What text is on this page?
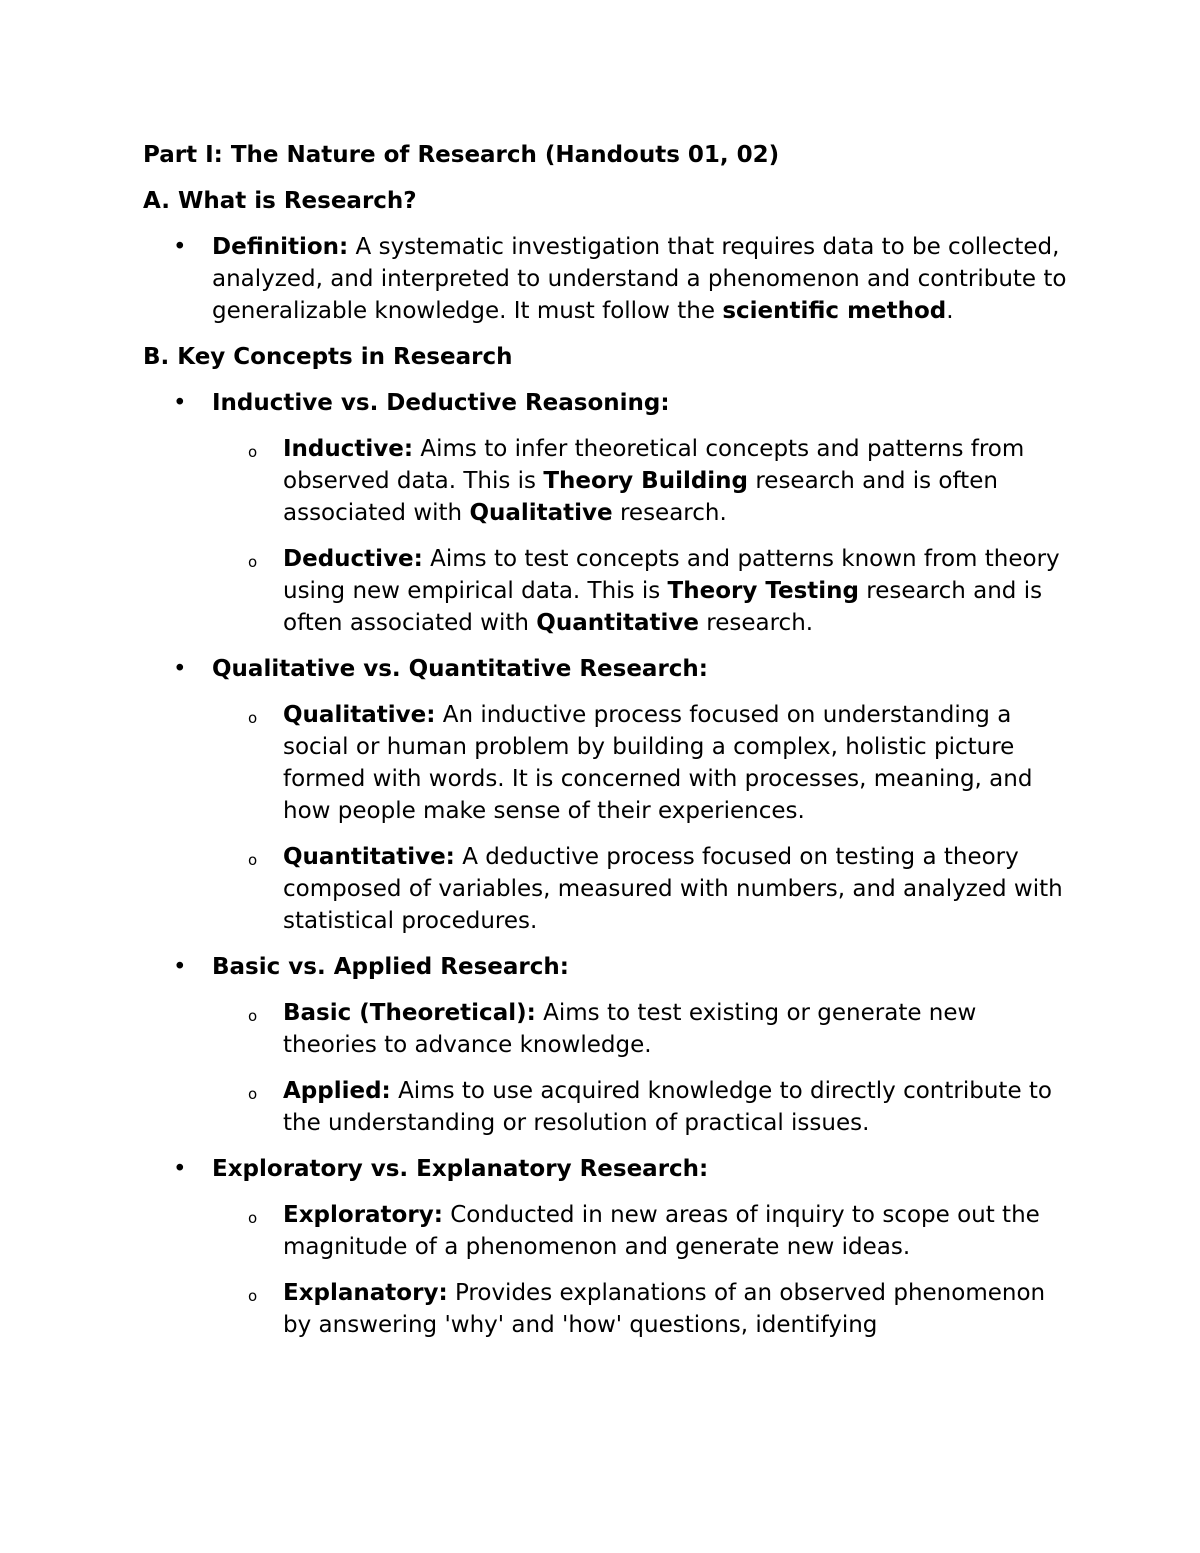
Part I: The Nature of Research (Handouts 01, 02)
A. What is Research?
• Definition: A systematic investigation that requires data to be collected, analyzed, and interpreted to understand a phenomenon and contribute to generalizable knowledge. It must follow the scientific method.
B. Key Concepts in Research
• Inductive vs. Deductive Reasoning:
o Inductive: Aims to infer theoretical concepts and patterns from observed data. This is Theory Building research and is often associated with Qualitative research.
o Deductive: Aims to test concepts and patterns known from theory using new empirical data. This is Theory Testing research and is often associated with Quantitative research.
• Qualitative vs. Quantitative Research:
o Qualitative: An inductive process focused on understanding a social or human problem by building a complex, holistic picture formed with words. It is concerned with processes, meaning, and how people make sense of their experiences.
o Quantitative: A deductive process focused on testing a theory composed of variables, measured with numbers, and analyzed with statistical procedures.
• Basic vs. Applied Research:
o Basic (Theoretical): Aims to test existing or generate new theories to advance knowledge.
o Applied: Aims to use acquired knowledge to directly contribute to the understanding or resolution of practical issues.
• Exploratory vs. Explanatory Research:
o Exploratory: Conducted in new areas of inquiry to scope out the magnitude of a phenomenon and generate new ideas.
o Explanatory: Provides explanations of an observed phenomenon by answering 'why' and 'how' questions, identifying
